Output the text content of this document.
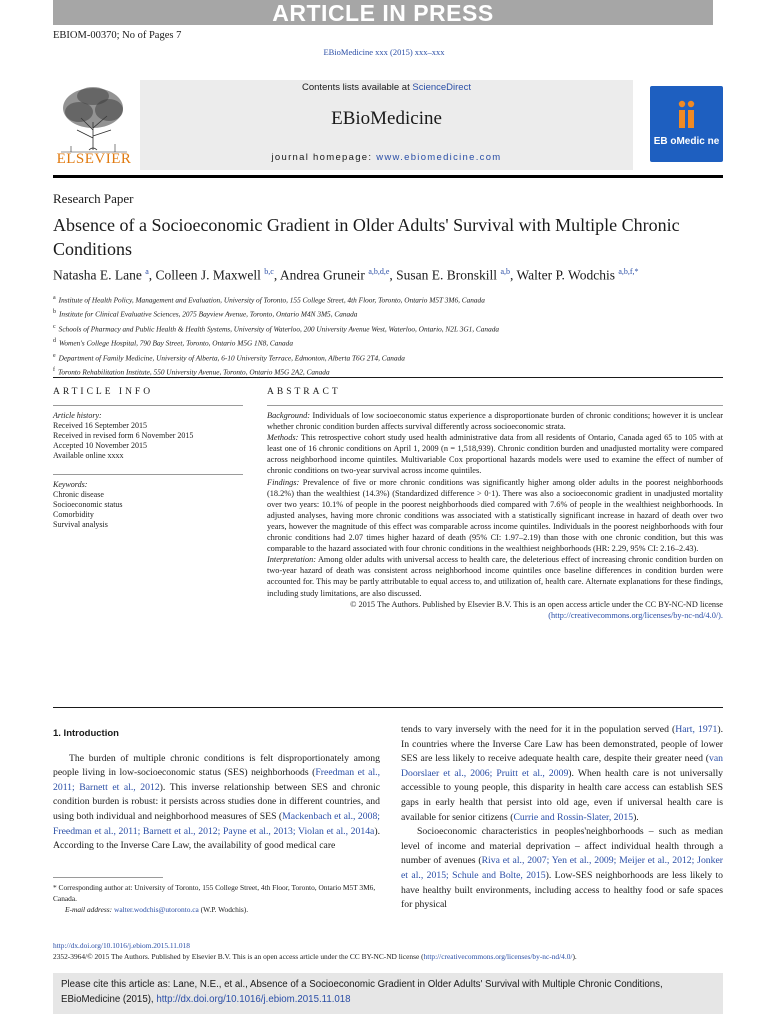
ARTICLE IN PRESS
EBIOM-00370; No of Pages 7
EBioMedicine xxx (2015) xxx–xxx
ELSEVIER
Contents lists available at ScienceDirect
EBioMedicine
journal homepage: www.ebiomedicine.com
EB oMedic ne
Research Paper
Absence of a Socioeconomic Gradient in Older Adults' Survival with Multiple Chronic Conditions
Natasha E. Lane $^a$, Colleen J. Maxwell $^{b,c}$, Andrea Gruneir $^{a,b,d,e}$, Susan E. Bronskill $^{a,b}$, Walter P. Wodchis $^{a,b,f,*}$
$^a$ Institute of Health Policy, Management and Evaluation, University of Toronto, 155 College Street, 4th Floor, Toronto, Ontario M5T 3M6, Canada
$^b$ Institute for Clinical Evaluative Sciences, 2075 Bayview Avenue, Toronto, Ontario M4N 3M5, Canada
$^c$ Schools of Pharmacy and Public Health & Health Systems, University of Waterloo, 200 University Avenue West, Waterloo, Ontario, N2L 3G1, Canada
$^d$ Women's College Hospital, 790 Bay Street, Toronto, Ontario M5G 1N8, Canada
$^e$ Department of Family Medicine, University of Alberta, 6-10 University Terrace, Edmonton, Alberta T6G 2T4, Canada
$^f$ Toronto Rehabilitation Institute, 550 University Avenue, Toronto, Ontario M5G 2A2, Canada
ARTICLE INFO
Article history:
Received 16 September 2015
Received in revised form 6 November 2015
Accepted 10 November 2015
Available online xxxx
Keywords:
Chronic disease
Socioeconomic status
Comorbidity
Survival analysis
ABSTRACT

Background: Individuals of low socioeconomic status experience a disproportionate burden of chronic conditions; however it is unclear whether chronic condition burden affects survival differently across socioeconomic strata.

Methods: This retrospective cohort study used health administrative data from all residents of Ontario, Canada aged 65 to 105 with at least one of 16 chronic conditions on April 1, 2009 (n = 1,518,939). Chronic condition burden and unadjusted mortality were compared across neighborhood income quintiles. Multivariable Cox proportional hazards models were used to examine the effect of number of chronic conditions on two-year survival across income quintiles.

Findings: Prevalence of five or more chronic conditions was significantly higher among older adults in the poorest neighborhoods (18.2%) than the wealthiest (14.3%) (Standardized difference > 0·1). There was also a socioeconomic gradient in unadjusted mortality over two years: 10.1% of people in the poorest neighborhoods died compared with 7.6% of people in the wealthiest neighborhoods. In adjusted analyses, having more chronic conditions was associated with a statistically significant increase in hazard of death over two years, however the magnitude of this effect was comparable across income quintiles. Individuals in the poorest neighborhoods with four chronic conditions had 2.07 times higher hazard of death (95% CI: 1.97–2.19) than those with one chronic condition, but this was comparable to the hazard associated with four chronic conditions in the wealthiest neighborhoods (HR: 2.29, 95% CI: 2.16–2.43).

Interpretation: Among older adults with universal access to health care, the deleterious effect of increasing chronic condition burden on two-year hazard of death was consistent across neighborhood income quintiles once baseline differences in condition burden were accounted for. This may be partly attributable to equal access to, and utilization of, health care. Alternate explanations for these findings, including study limitations, are also discussed.

© 2015 The Authors. Published by Elsevier B.V. This is an open access article under the CC BY-NC-ND license
(http://creativecommons.org/licenses/by-nc-nd/4.0/).

1. Introduction

The burden of multiple chronic conditions is felt disproportionately among people living in low-socioeconomic status (SES) neighborhoods (Freedman et al., 2011; Barnett et al., 2012). This inverse relationship between SES and chronic condition burden is robust: it persists across studies done in different countries, and using both individual and neighborhood measures of SES (Mackenbach et al., 2008; Freedman et al., 2011; Barnett et al., 2012; Payne et al., 2013; Violan et al., 2014a). According to the Inverse Care Law, the availability of good medical care

tends to vary inversely with the need for it in the population served (Hart, 1971). In countries where the Inverse Care Law has been demonstrated, people of lower SES are less likely to receive adequate health care, despite their greater need (van Doorslaer et al., 2006; Pruitt et al., 2009). When health care is not universally accessible to young people, this disparity in health care access can establish SES gaps in early health that persist into old age, even if universal health care is available for senior citizens (Currie and Rossin-Slater, 2015).

Socioeconomic characteristics in peoples'neighborhoods – such as median level of income and material deprivation – affect individual health through a number of avenues (Riva et al., 2007; Yen et al., 2009; Meijer et al., 2012; Jonker et al., 2015; Schule and Bolte, 2015). Low-SES neighborhoods are less likely to have healthy built environments, including access to healthy food or safe spaces for physical

* Corresponding author at: University of Toronto, 155 College Street, 4th Floor, Toronto, Ontario M5T 3M6, Canada.
E-mail address: walter.wodchis@utoronto.ca (W.P. Wodchis).
http://dx.doi.org/10.1016/j.ebiom.2015.11.018
2352-3964/© 2015 The Authors. Published by Elsevier B.V. This is an open access article under the CC BY-NC-ND license (http://creativecommons.org/licenses/by-nc-nd/4.0/).
Please cite this article as: Lane, N.E., et al., Absence of a Socioeconomic Gradient in Older Adults' Survival with Multiple Chronic Conditions, EBioMedicine (2015), http://dx.doi.org/10.1016/j.ebiom.2015.11.018
